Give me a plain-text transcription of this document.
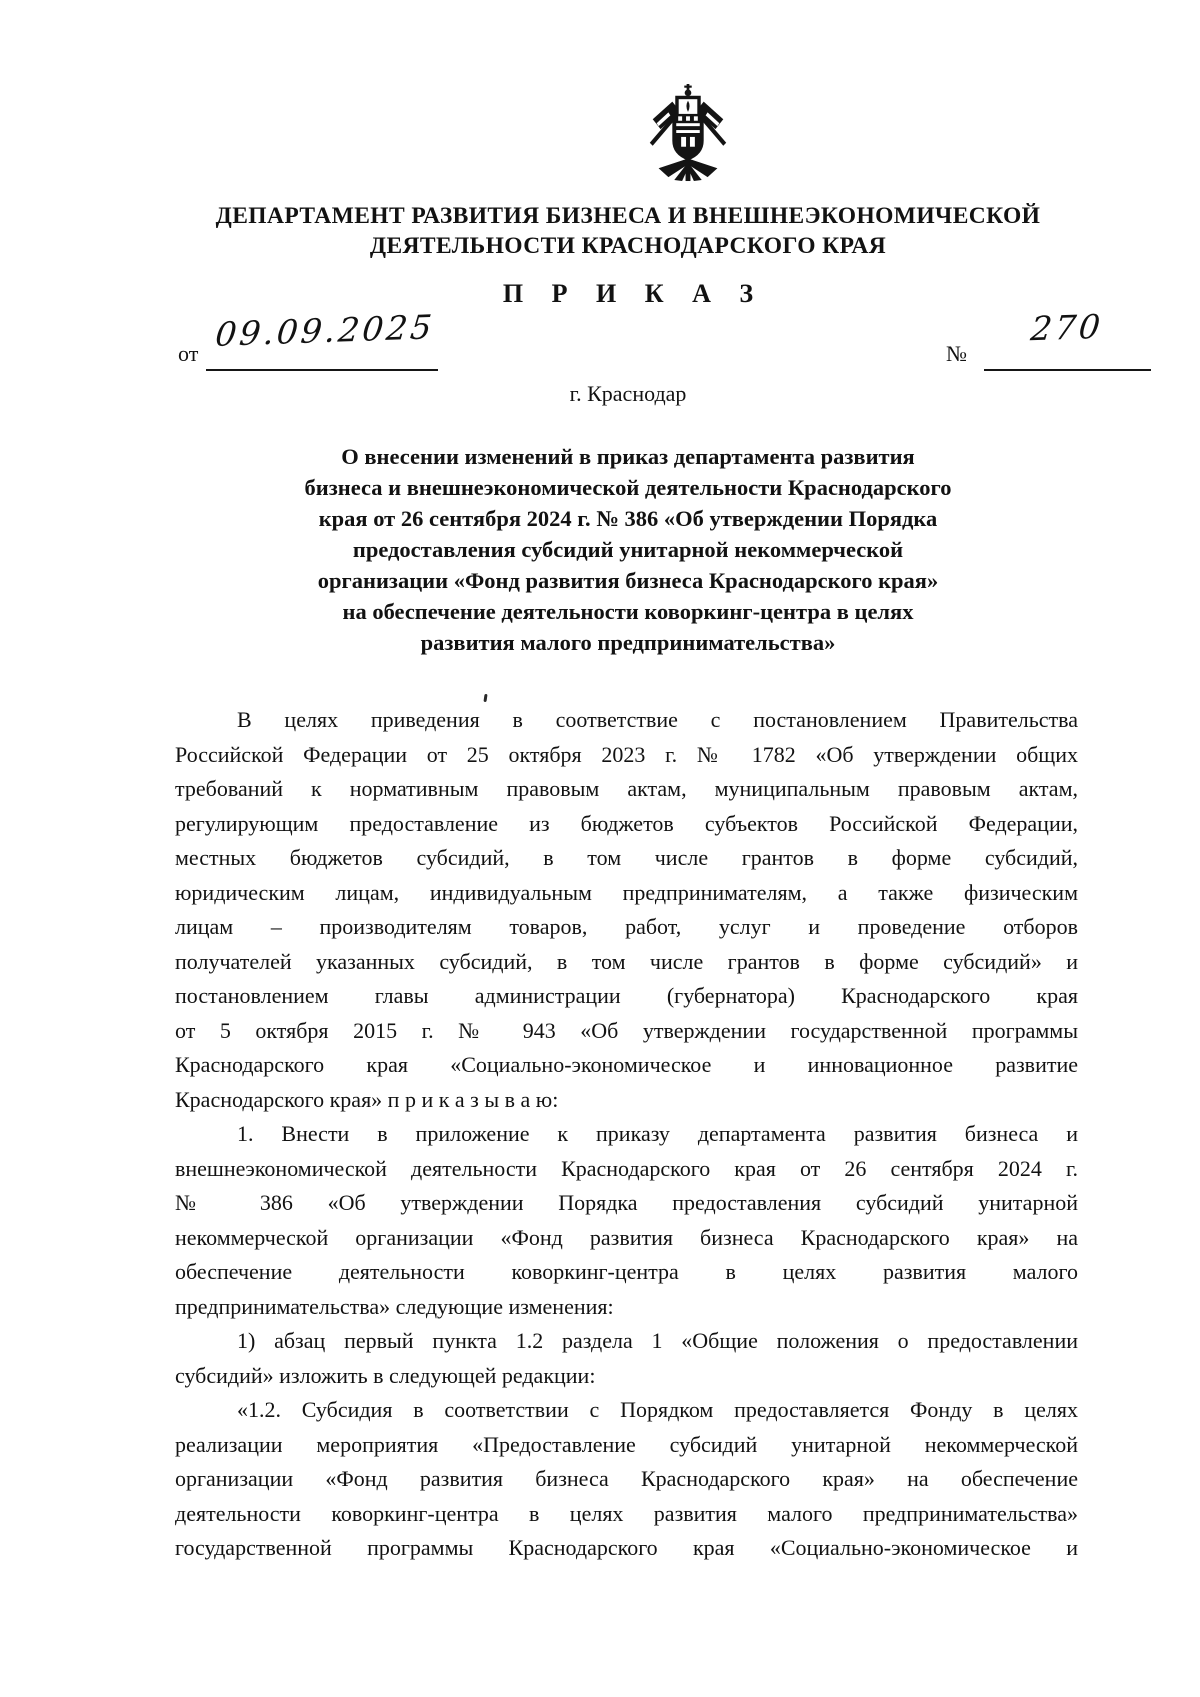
ДЕПАРТАМЕНТ РАЗВИТИЯ БИЗНЕСА И ВНЕШНЕЭКОНОМИЧЕСКОЙ
ДЕЯТЕЛЬНОСТИ КРАСНОДАРСКОГО КРАЯ
П Р И К А З
от 09.09.2025	№
270
г. Краснодар
О внесении изменений в приказ департамента развития
бизнеса и внешнеэкономической деятельности Краснодарского
края от 26 сентября 2024 г. № 386 «Об утверждении Порядка
предоставления субсидий унитарной некоммерческой
организации «Фонд развития бизнеса Краснодарского края»
на обеспечение деятельности коворкинг-центра в целях
развития малого предпринимательства»
В целях приведения в соответствие с постановлением Правительства
Российской Федерации от 25 октября 2023 г. № 1782 «Об утверждении общих
требований к нормативным правовым актам, муниципальным правовым актам,
регулирующим предоставление из бюджетов субъектов Российской Федерации,
местных бюджетов субсидий, в том числе грантов в форме субсидий,
юридическим лицам, индивидуальным предпринимателям, а также физическим
лицам – производителям товаров, работ, услуг и проведение отборов
получателей указанных субсидий, в том числе грантов в форме субсидий» и
постановлением главы администрации (губернатора) Краснодарского края
от 5 октября 2015 г. № 943 «Об утверждении государственной программы
Краснодарского края «Социально-экономическое и инновационное развитие
Краснодарского края» п р и к а з ы в а ю:
1. Внести в приложение к приказу департамента развития бизнеса и
внешнеэкономической деятельности Краснодарского края от 26 сентября 2024 г.
№ 386 «Об утверждении Порядка предоставления субсидий унитарной
некоммерческой организации «Фонд развития бизнеса Краснодарского края» на
обеспечение деятельности коворкинг-центра в целях развития малого
предпринимательства» следующие изменения:
1) абзац первый пункта 1.2 раздела 1 «Общие положения о предоставлении
субсидий» изложить в следующей редакции:
«1.2. Субсидия в соответствии с Порядком предоставляется Фонду в целях
реализации мероприятия «Предоставление субсидий унитарной некоммерческой
организации «Фонд развития бизнеса Краснодарского края» на обеспечение
деятельности коворкинг-центра в целях развития малого предпринимательства»
государственной программы Краснодарского края «Социально-экономическое и
